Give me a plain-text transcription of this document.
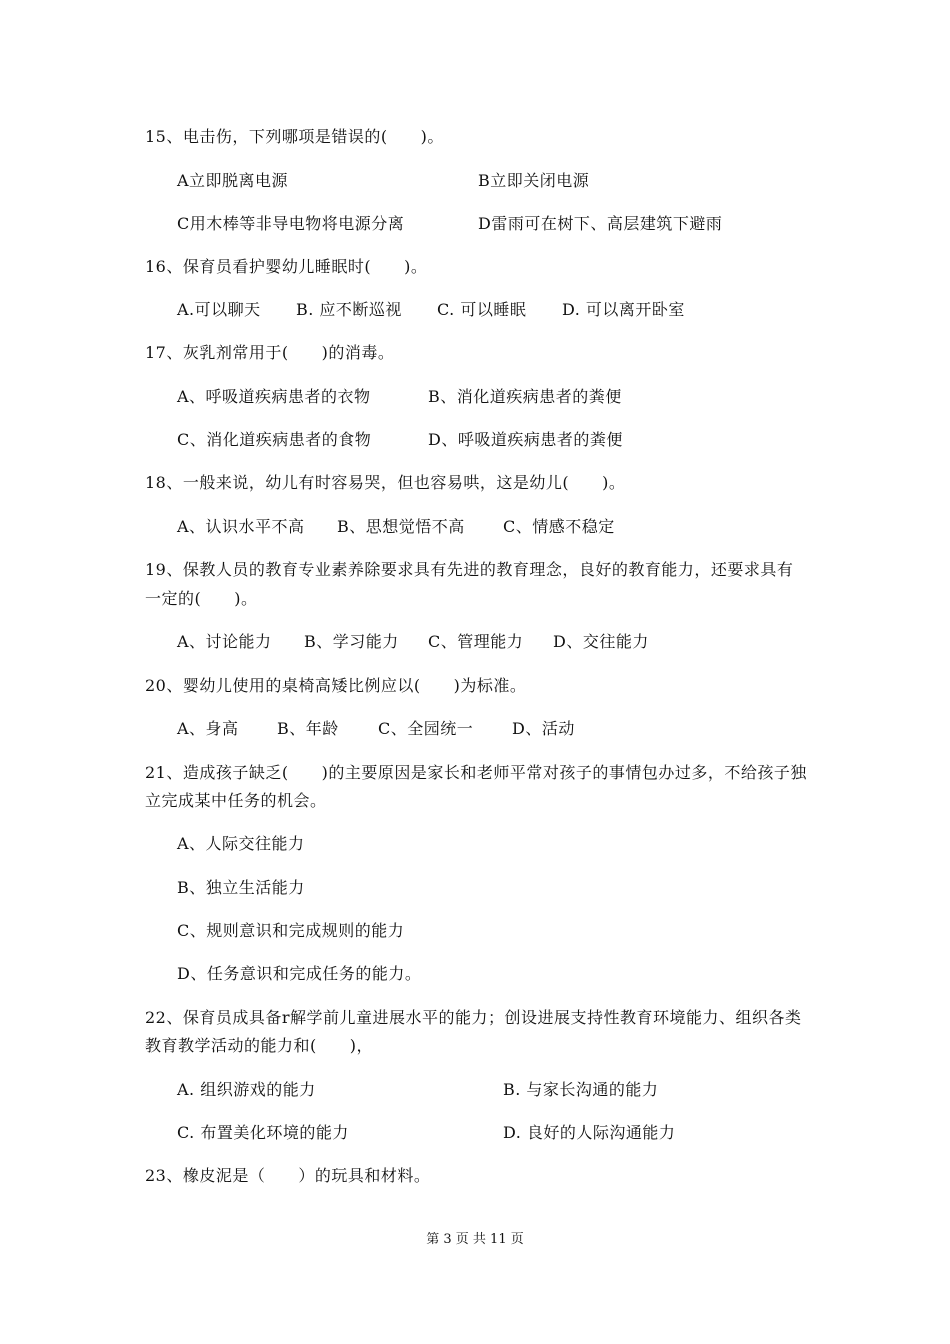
15、电击伤，下列哪项是错误的(　　)。
A立即脱离电源	B立即关闭电源
C用木棒等非导电物将电源分离	D雷雨可在树下、高层建筑下避雨
16、保育员看护婴幼儿睡眠时(　　)。
A.可以聊天 B. 应不断巡视 C. 可以睡眠 D. 可以离开卧室
17、灰乳剂常用于(　　)的消毒。
A、呼吸道疾病患者的衣物	B、消化道疾病患者的粪便
C、消化道疾病患者的食物	D、呼吸道疾病患者的粪便
18、一般来说，幼儿有时容易哭，但也容易哄，这是幼儿(　　)。
A、认识水平不高 B、思想觉悟不高 C、情感不稳定
19、保教人员的教育专业素养除要求具有先进的教育理念，良好的教育能力，还要求具有
一定的(　　)。
A、讨论能力 B、学习能力 C、管理能力 D、交往能力
20、婴幼儿使用的桌椅高矮比例应以(　　)为标准。
A、身高 B、年龄 C、全园统一 D、活动
21、造成孩子缺乏(　　)的主要原因是家长和老师平常对孩子的事情包办过多，不给孩子独
立完成某中任务的机会。
A、人际交往能力
B、独立生活能力
C、规则意识和完成规则的能力
D、任务意识和完成任务的能力。
22、保育员成具备r解学前儿童进展水平的能力；创设进展支持性教育环境能力、组织各类
教育教学活动的能力和(　　)，
A. 组织游戏的能力	B. 与家长沟通的能力
C. 布置美化环境的能力	D. 良好的人际沟通能力
23、橡皮泥是（　　）的玩具和材料。
第 3 页 共 11 页
